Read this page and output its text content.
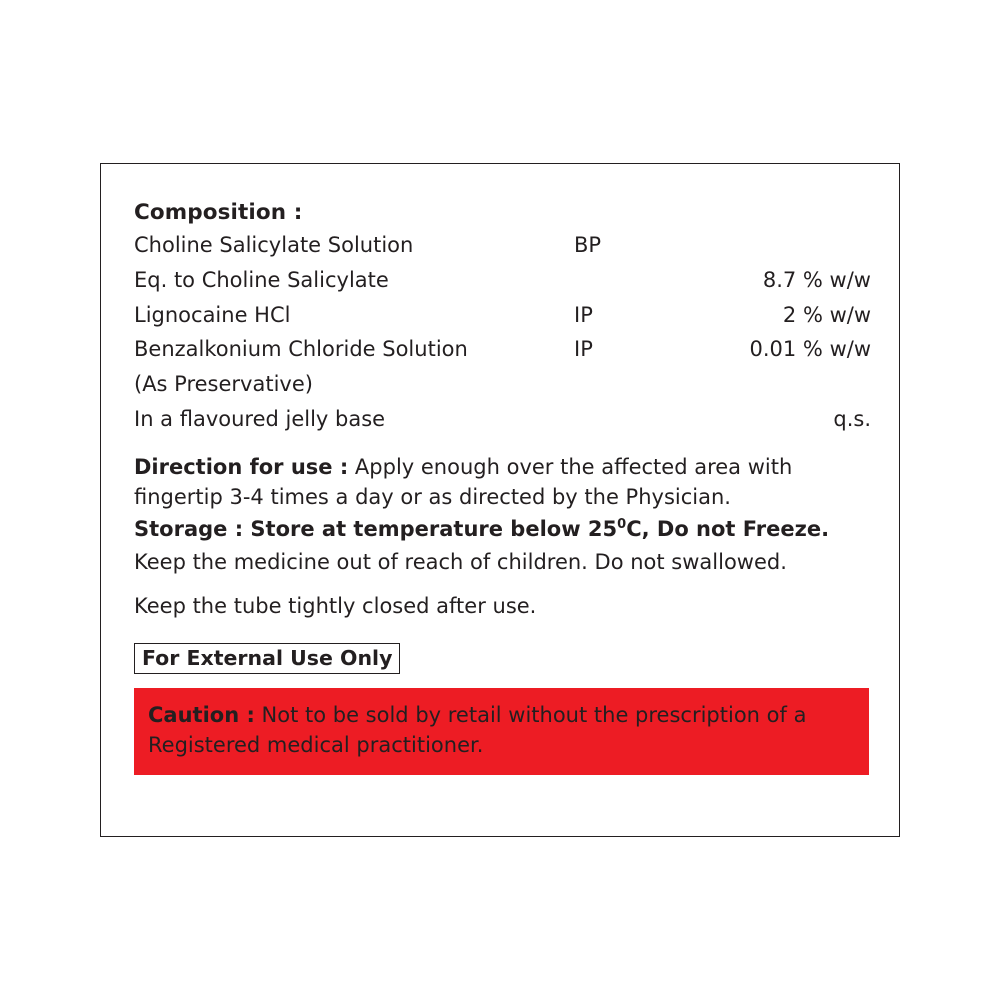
Composition :
Choline Salicylate Solution	BP	
Eq. to Choline Salicylate		8.7 % w/w
Lignocaine HCl	IP	2 % w/w
Benzalkonium Chloride Solution	IP	0.01 % w/w
(As Preservative)		
In a flavoured jelly base		q.s.

Direction for use : Apply enough over the affected area with fingertip 3-4 times a day or as directed by the Physician.

Storage : Store at temperature below $25^0C$, Do not Freeze.

Keep the medicine out of reach of children. Do not swallowed.

Keep the tube tightly closed after use.

For External Use Only
Caution : Not to be sold by retail without the prescription of a Registered medical practitioner.
